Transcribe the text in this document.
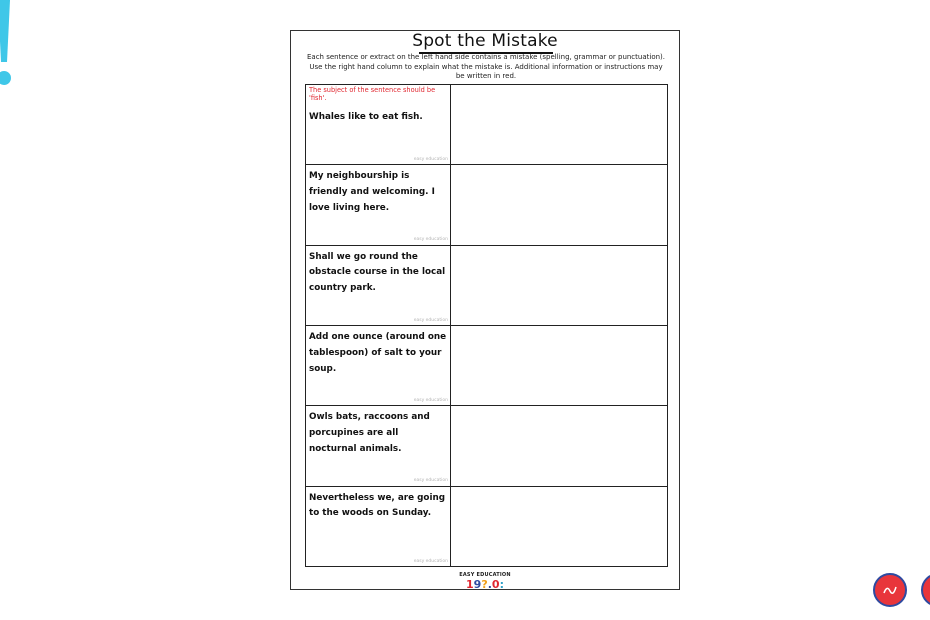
Spot the Mistake
Each sentence or extract on the left hand side contains a mistake (spelling, grammar or punctuation). Use the right hand column to explain what the mistake is. Additional information or instructions may be written in red.
The subject of the sentence should be 'fish'.
Whales like to eat fish.
easy education	

My neighbourship is friendly and welcoming. I love living here.
easy education	

Shall we go round the obstacle course in the local country park.
easy education	

Add one ounce (around one tablespoon) of salt to your soup.
easy education	

Owls bats, raccoons and porcupines are all nocturnal animals.
easy education	

Nevertheless we, are going to the woods on Sunday.
easy education	

EASY EDUCATION
19?.0:
